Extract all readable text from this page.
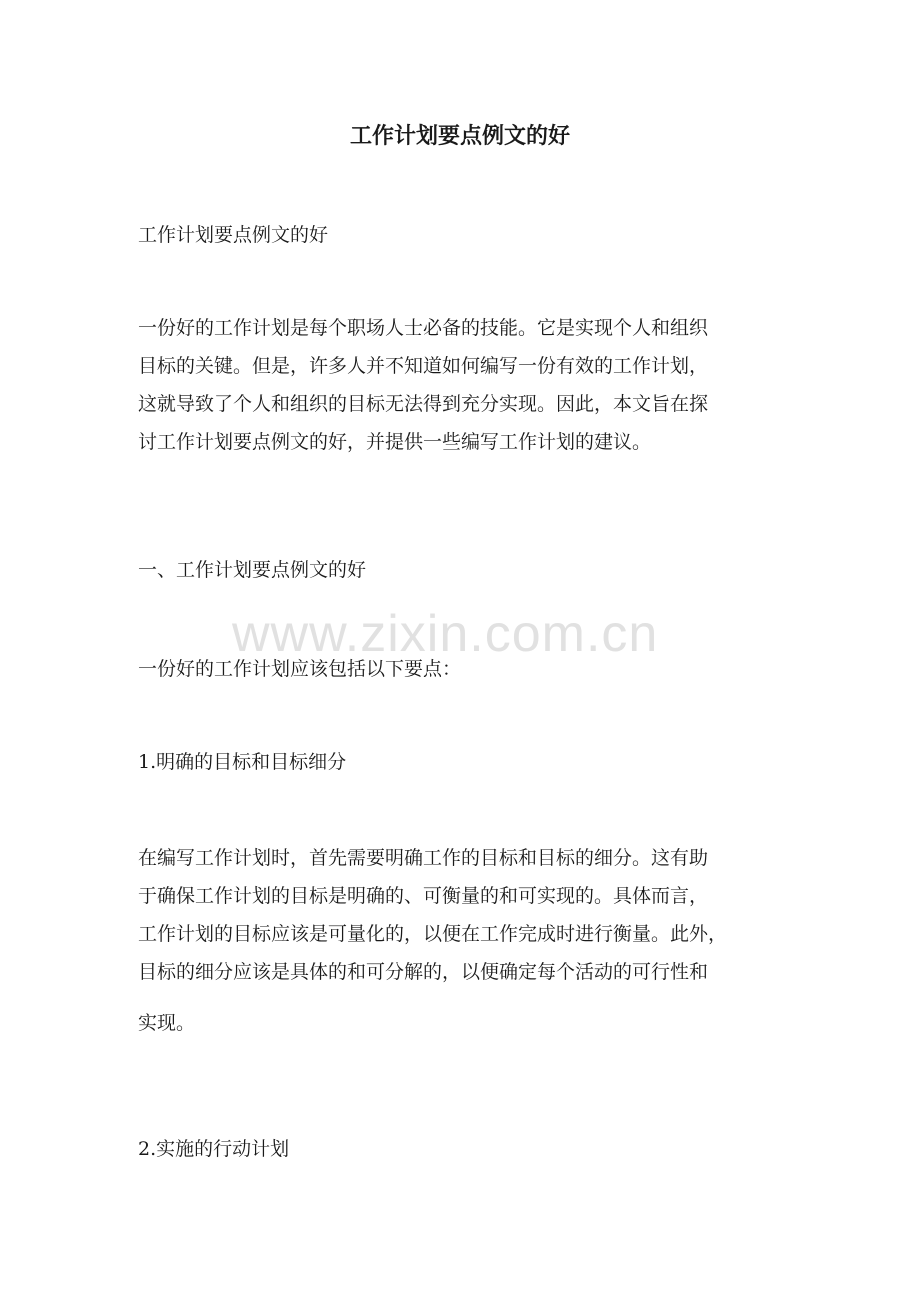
工作计划要点例文的好

工作计划要点例文的好

一份好的工作计划是每个职场人士必备的技能。它是实现个人和组织

目标的关键。但是，许多人并不知道如何编写一份有效的工作计划，

这就导致了个人和组织的目标无法得到充分实现。因此，本文旨在探

讨工作计划要点例文的好，并提供一些编写工作计划的建议。

一、工作计划要点例文的好

一份好的工作计划应该包括以下要点：

1.明确的目标和目标细分

在编写工作计划时，首先需要明确工作的目标和目标的细分。这有助

于确保工作计划的目标是明确的、可衡量的和可实现的。具体而言，

工作计划的目标应该是可量化的，以便在工作完成时进行衡量。此外，

目标的细分应该是具体的和可分解的，以便确定每个活动的可行性和

实现。

2.实施的行动计划

www.zixin.com.cn
